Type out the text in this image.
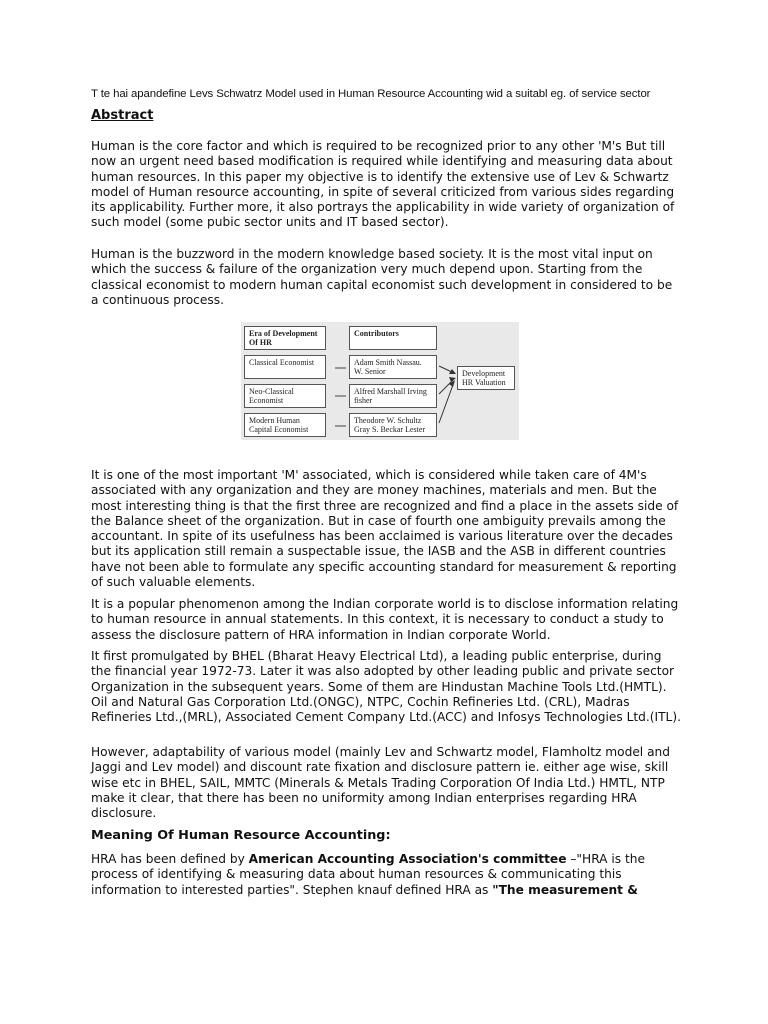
T te hai apandefine Levs Schwatrz Model used in Human Resource Accounting wid a suitabl eg. of service sector
Abstract

Human is the core factor and which is required to be recognized prior to any other 'M's But till now an urgent need based modification is required while identifying and measuring data about human resources. In this paper my objective is to identify the extensive use of Lev & Schwartz model of Human resource accounting, in spite of several criticized from various sides regarding its applicability. Further more, it also portrays the applicability in wide variety of organization of such model (some pubic sector units and IT based sector).

Human is the buzzword in the modern knowledge based society. It is the most vital input on which the success & failure of the organization very much depend upon. Starting from the classical economist to modern human capital economist such development in considered to be a continuous process.

Era of Development Of HR
Contributors
Classical Economist
Neo-Classical Economist
Modern Human Capital Economist
Adam Smith Nassau. W. Senior
Alfred Marshall Irving fisher
Theodore W. Schultz Gray S. Beckar Lester
Development HR Valuation

It is one of the most important 'M' associated, which is considered while taken care of 4M's associated with any organization and they are money machines, materials and men. But the most interesting thing is that the first three are recognized and find a place in the assets side of the Balance sheet of the organization. But in case of fourth one ambiguity prevails among the accountant. In spite of its usefulness has been acclaimed is various literature over the decades but its application still remain a suspectable issue, the IASB and the ASB in different countries have not been able to formulate any specific accounting standard for measurement & reporting of such valuable elements.

It is a popular phenomenon among the Indian corporate world is to disclose information relating to human resource in annual statements. In this context, it is necessary to conduct a study to assess the disclosure pattern of HRA information in Indian corporate World.

It first promulgated by BHEL (Bharat Heavy Electrical Ltd), a leading public enterprise, during the financial year 1972-73. Later it was also adopted by other leading public and private sector Organization in the subsequent years. Some of them are Hindustan Machine Tools Ltd.(HMTL). Oil and Natural Gas Corporation Ltd.(ONGC), NTPC, Cochin Refineries Ltd. (CRL), Madras Refineries Ltd.,(MRL), Associated Cement Company Ltd.(ACC) and Infosys Technologies Ltd.(ITL).

However, adaptability of various model (mainly Lev and Schwartz model, Flamholtz model and Jaggi and Lev model) and discount rate fixation and disclosure pattern ie. either age wise, skill wise etc in BHEL, SAIL, MMTC (Minerals & Metals Trading Corporation Of India Ltd.) HMTL, NTP make it clear, that there has been no uniformity among Indian enterprises regarding HRA disclosure.

Meaning Of Human Resource Accounting:

HRA has been defined by American Accounting Association's committee –"HRA is the process of identifying & measuring data about human resources & communicating this information to interested parties". Stephen knauf defined HRA as "The measurement &
